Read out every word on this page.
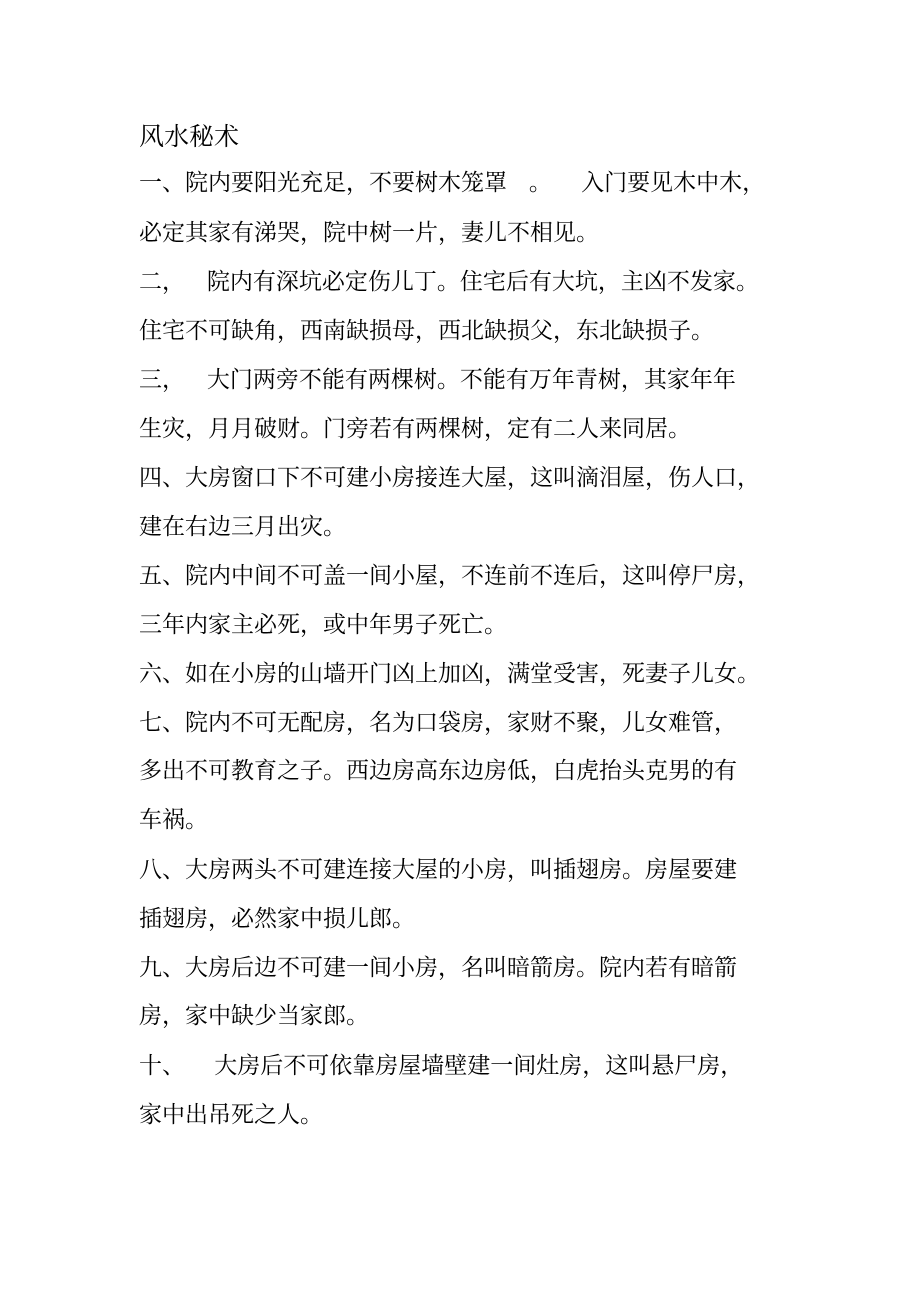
风水秘术
一、院内要阳光充足，不要树木笼罩   。    入门要见木中木，
必定其家有涕哭，院中树一片，妻儿不相见。
二，   院内有深坑必定伤儿丁。住宅后有大坑，主凶不发家。
住宅不可缺角，西南缺损母，西北缺损父，东北缺损子。
三，   大门两旁不能有两棵树。不能有万年青树，其家年年
生灾，月月破财。门旁若有两棵树，定有二人来同居。
四、大房窗口下不可建小房接连大屋，这叫滴泪屋，伤人口，
建在右边三月出灾。
五、院内中间不可盖一间小屋，不连前不连后，这叫停尸房，
三年内家主必死，或中年男子死亡。
六、如在小房的山墙开门凶上加凶，满堂受害，死妻子儿女。
七、院内不可无配房，名为口袋房，家财不聚，儿女难管，
多出不可教育之子。西边房高东边房低，白虎抬头克男的有
车祸。
八、大房两头不可建连接大屋的小房，叫插翅房。房屋要建
插翅房，必然家中损儿郎。
九、大房后边不可建一间小房，名叫暗箭房。院内若有暗箭
房，家中缺少当家郎。
十、    大房后不可依靠房屋墙壁建一间灶房，这叫悬尸房，
家中出吊死之人。
